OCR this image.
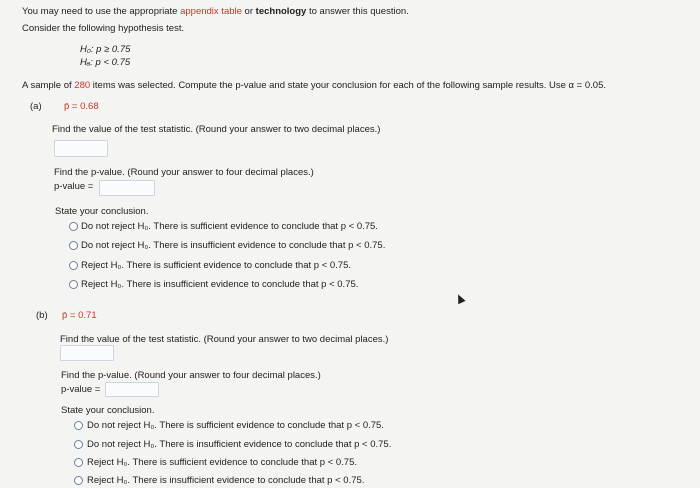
You may need to use the appropriate appendix table or technology to answer this question.
Consider the following hypothesis test.
H₀: p ≥ 0.75
Hₐ: p < 0.75
A sample of 280 items was selected. Compute the p-value and state your conclusion for each of the following sample results. Use α = 0.05.
(a) p̄ = 0.68
Find the value of the test statistic. (Round your answer to two decimal places.)
Find the p-value. (Round your answer to four decimal places.)
p-value =
State your conclusion.
Do not reject H₀. There is sufficient evidence to conclude that p < 0.75.
Do not reject H₀. There is insufficient evidence to conclude that p < 0.75.
Reject H₀. There is sufficient evidence to conclude that p < 0.75.
Reject H₀. There is insufficient evidence to conclude that p < 0.75.
(b) p̄ = 0.71
Find the value of the test statistic. (Round your answer to two decimal places.)
Find the p-value. (Round your answer to four decimal places.)
p-value =
State your conclusion.
Do not reject H₀. There is sufficient evidence to conclude that p < 0.75.
Do not reject H₀. There is insufficient evidence to conclude that p < 0.75.
Reject H₀. There is sufficient evidence to conclude that p < 0.75.
Reject H₀. There is insufficient evidence to conclude that p < 0.75.
